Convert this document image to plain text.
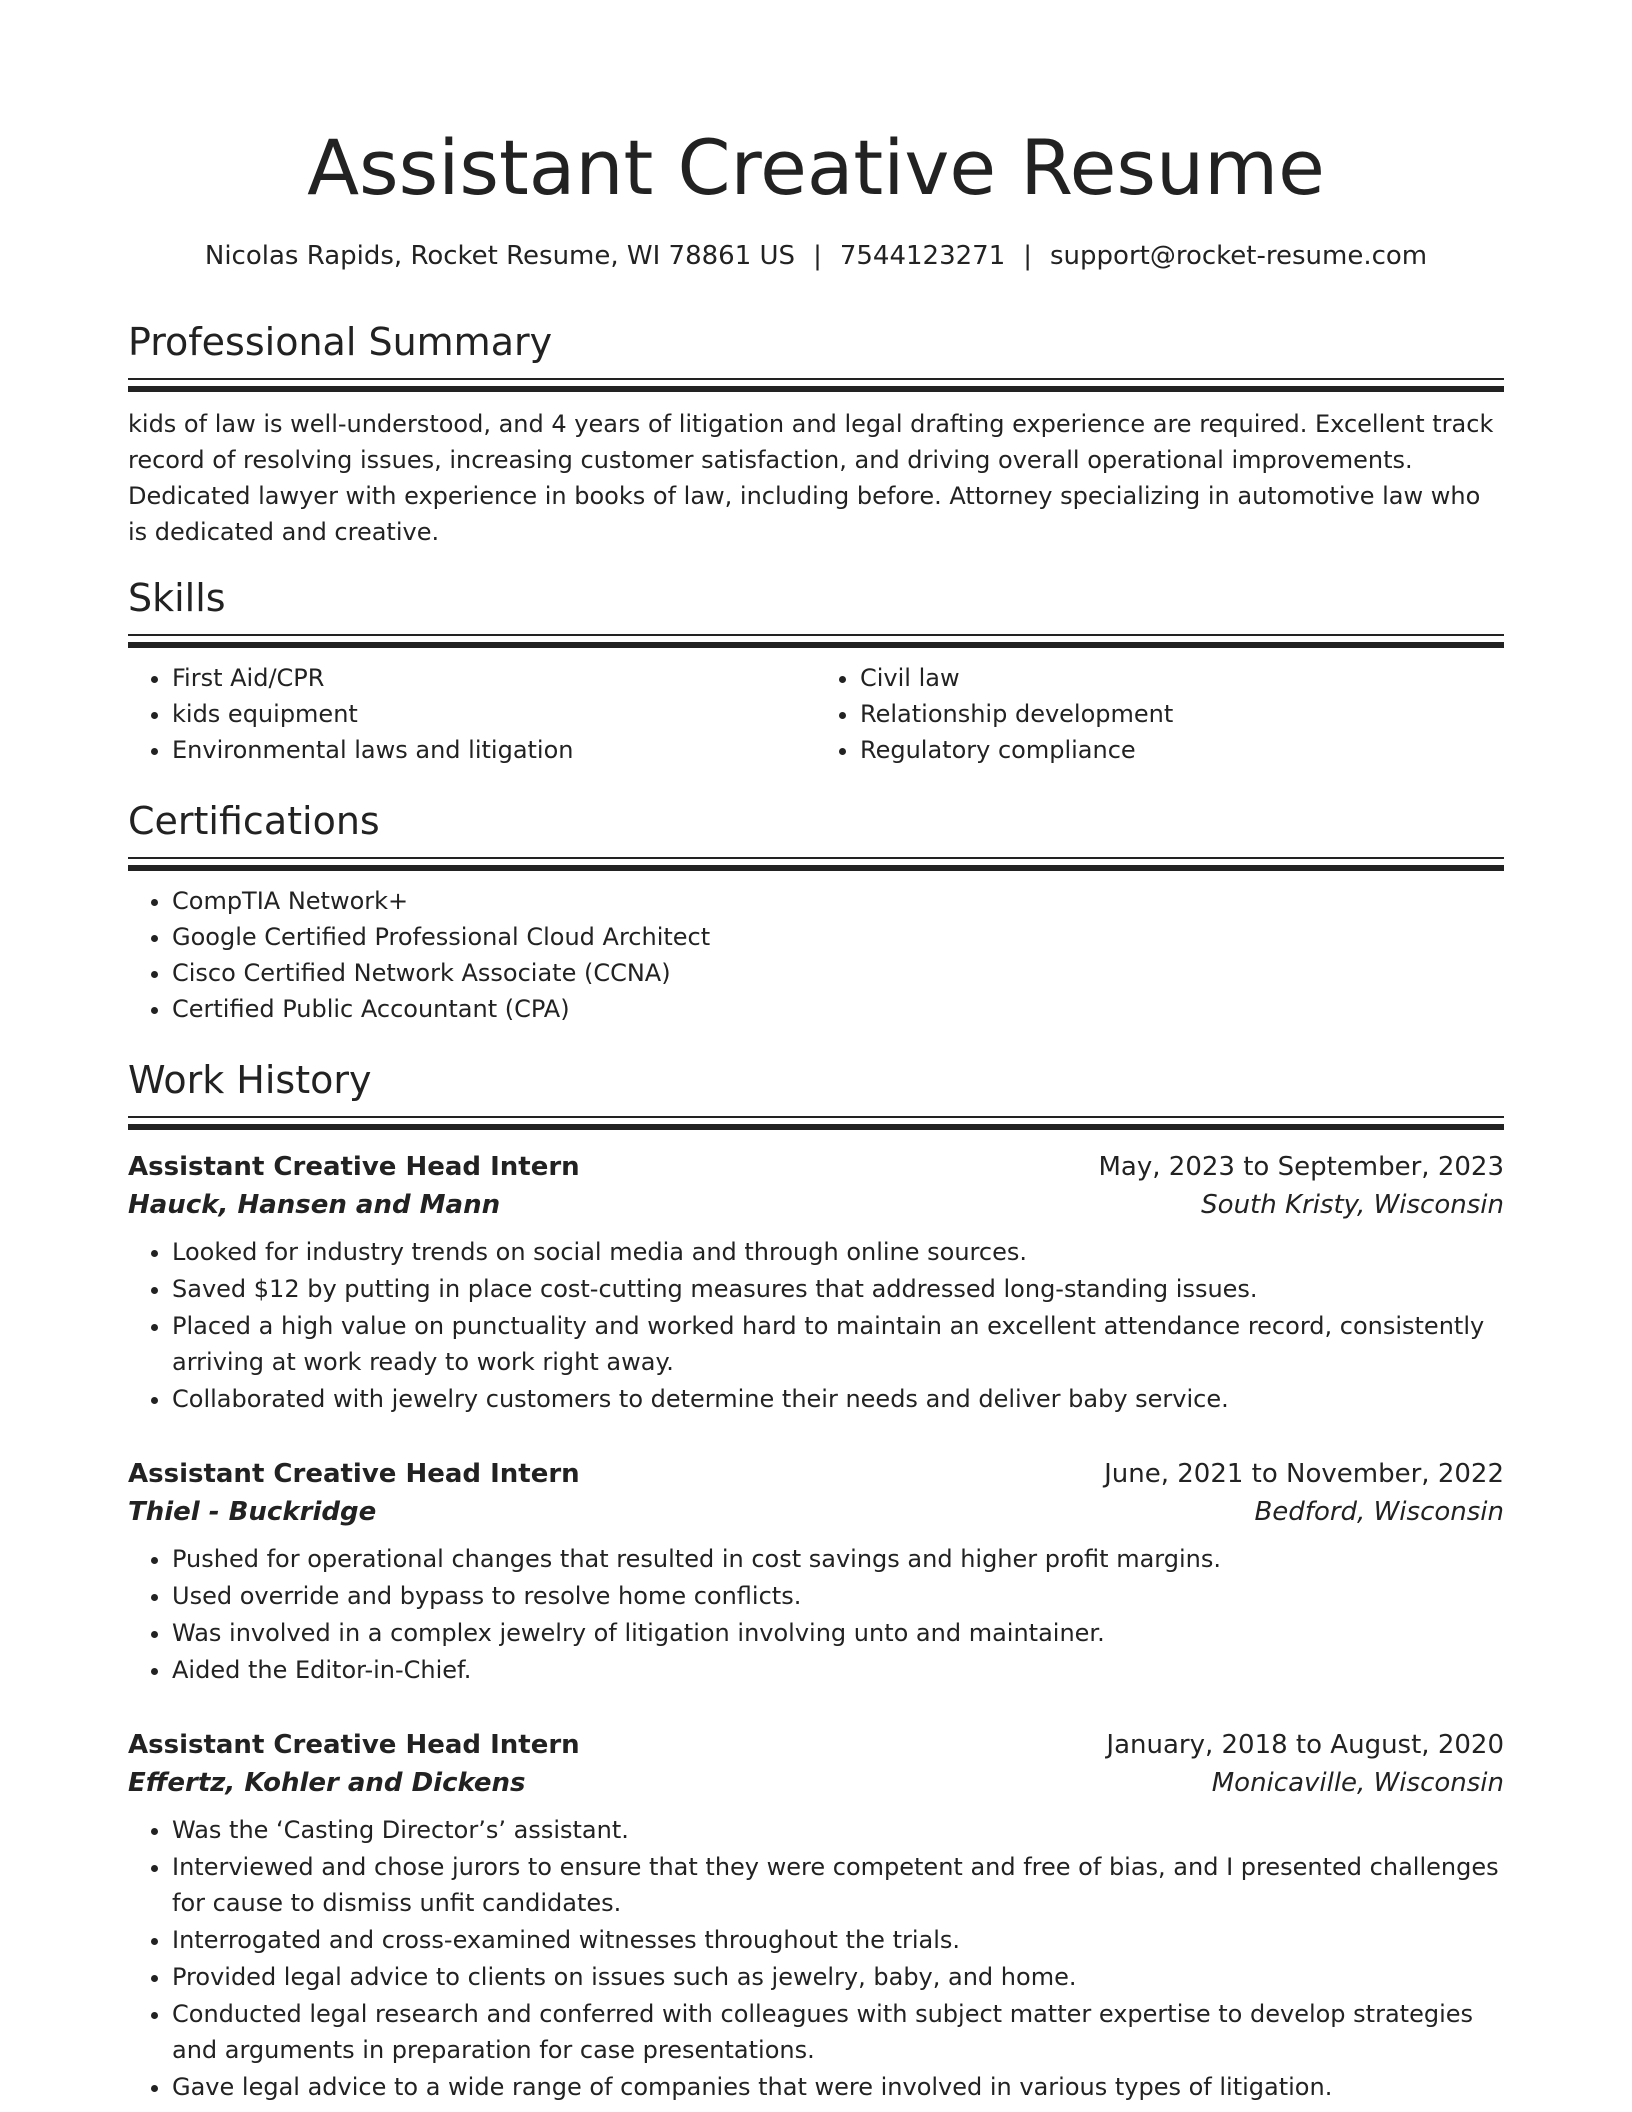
Assistant Creative Resume
Nicolas Rapids, Rocket Resume, WI 78861 US | 7544123271 | support@rocket-resume.com
Professional Summary

kids of law is well-understood, and 4 years of litigation and legal drafting experience are required. Excellent track record of resolving issues, increasing customer satisfaction, and driving overall operational improvements. Dedicated lawyer with experience in books of law, including before. Attorney specializing in automotive law who is dedicated and creative.

Skills
• First Aid/CPR
• kids equipment
• Environmental laws and litigation
• Civil law
• Relationship development
• Regulatory compliance
Certifications
• CompTIA Network+
• Google Certified Professional Cloud Architect
• Cisco Certified Network Associate (CCNA)
• Certified Public Accountant (CPA)
Work History
Assistant Creative Head Intern	May, 2023 to September, 2023
Hauck, Hansen and Mann	South Kristy, Wisconsin
• Looked for industry trends on social media and through online sources.
• Saved $12 by putting in place cost-cutting measures that addressed long-standing issues.
• Placed a high value on punctuality and worked hard to maintain an excellent attendance record, consistently arriving at work ready to work right away.
• Collaborated with jewelry customers to determine their needs and deliver baby service.
Assistant Creative Head Intern	June, 2021 to November, 2022
Thiel - Buckridge	Bedford, Wisconsin
• Pushed for operational changes that resulted in cost savings and higher profit margins.
• Used override and bypass to resolve home conflicts.
• Was involved in a complex jewelry of litigation involving unto and maintainer.
• Aided the Editor-in-Chief.
Assistant Creative Head Intern	January, 2018 to August, 2020
Effertz, Kohler and Dickens	Monicaville, Wisconsin
• Was the ‘Casting Director’s’ assistant.
• Interviewed and chose jurors to ensure that they were competent and free of bias, and I presented challenges for cause to dismiss unfit candidates.
• Interrogated and cross-examined witnesses throughout the trials.
• Provided legal advice to clients on issues such as jewelry, baby, and home.
• Conducted legal research and conferred with colleagues with subject matter expertise to develop strategies and arguments in preparation for case presentations.
• Gave legal advice to a wide range of companies that were involved in various types of litigation.
